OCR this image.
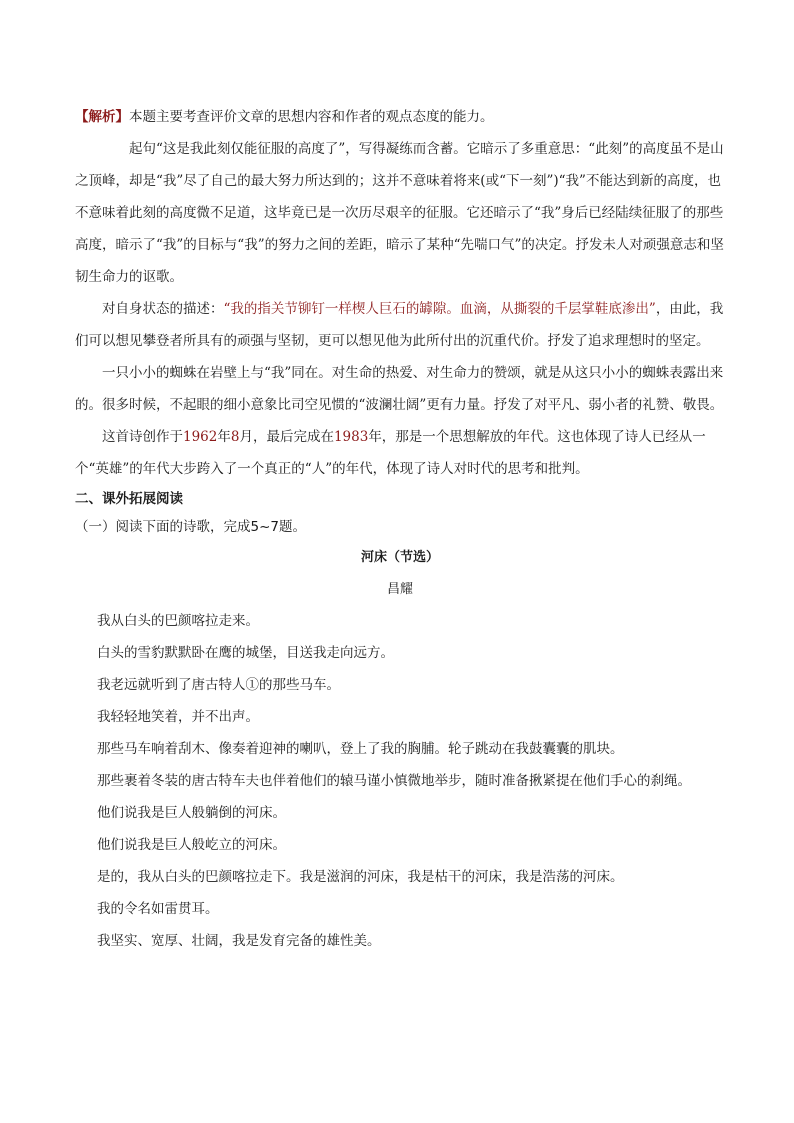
【解析】本题主要考查评价文章的思想内容和作者的观点态度的能力。

起句“这是我此刻仅能征服的高度了”，写得凝练而含蓄。它暗示了多重意思：“此刻”的高度虽不是山之顶峰，却是“我”尽了自己的最大努力所达到的；这并不意味着将来(或“下一刻”)“我”不能达到新的高度，也不意味着此刻的高度微不足道，这毕竟已是一次历尽艰辛的征服。它还暗示了“我”身后已经陆续征服了的那些高度，暗示了“我”的目标与“我”的努力之间的差距，暗示了某种“先喘口气”的决定。抒发未人对顽强意志和坚韧生命力的讴歌。

对自身状态的描述：“我的指关节铆钉一样楔人巨石的罅隙。血滴，从撕裂的千层掌鞋底渗出”，由此，我们可以想见攀登者所具有的顽强与坚韧，更可以想见他为此所付出的沉重代价。抒发了追求理想时的坚定。

一只小小的蜘蛛在岩壁上与“我”同在。对生命的热爱、对生命力的赞颂，就是从这只小小的蜘蛛表露出来的。很多时候，不起眼的细小意象比司空见惯的“波澜壮阔”更有力量。抒发了对平凡、弱小者的礼赞、敬畏。

这首诗创作于1962年8月，最后完成在1983年，那是一个思想解放的年代。这也体现了诗人已经从一个“英雄”的年代大步跨入了一个真正的“人”的年代，体现了诗人对时代的思考和批判。

二、课外拓展阅读

（一）阅读下面的诗歌，完成5~7题。

河床（节选）

昌耀

我从白头的巴颜喀拉走来。

白头的雪豹默默卧在鹰的城堡，目送我走向远方。

我老远就听到了唐古特人①的那些马车。

我轻轻地笑着，并不出声。

那些马车响着刮木、像奏着迎神的喇叭，登上了我的胸脯。轮子跳动在我鼓囊囊的肌块。

那些裹着冬装的唐古特车夫也伴着他们的辕马谨小慎微地举步，随时准备揪紧提在他们手心的刹绳。

他们说我是巨人般躺倒的河床。

他们说我是巨人般屹立的河床。

是的，我从白头的巴颜喀拉走下。我是滋润的河床，我是枯干的河床，我是浩荡的河床。

我的令名如雷贯耳。

我坚实、宽厚、壮阔，我是发育完备的雄性美。
